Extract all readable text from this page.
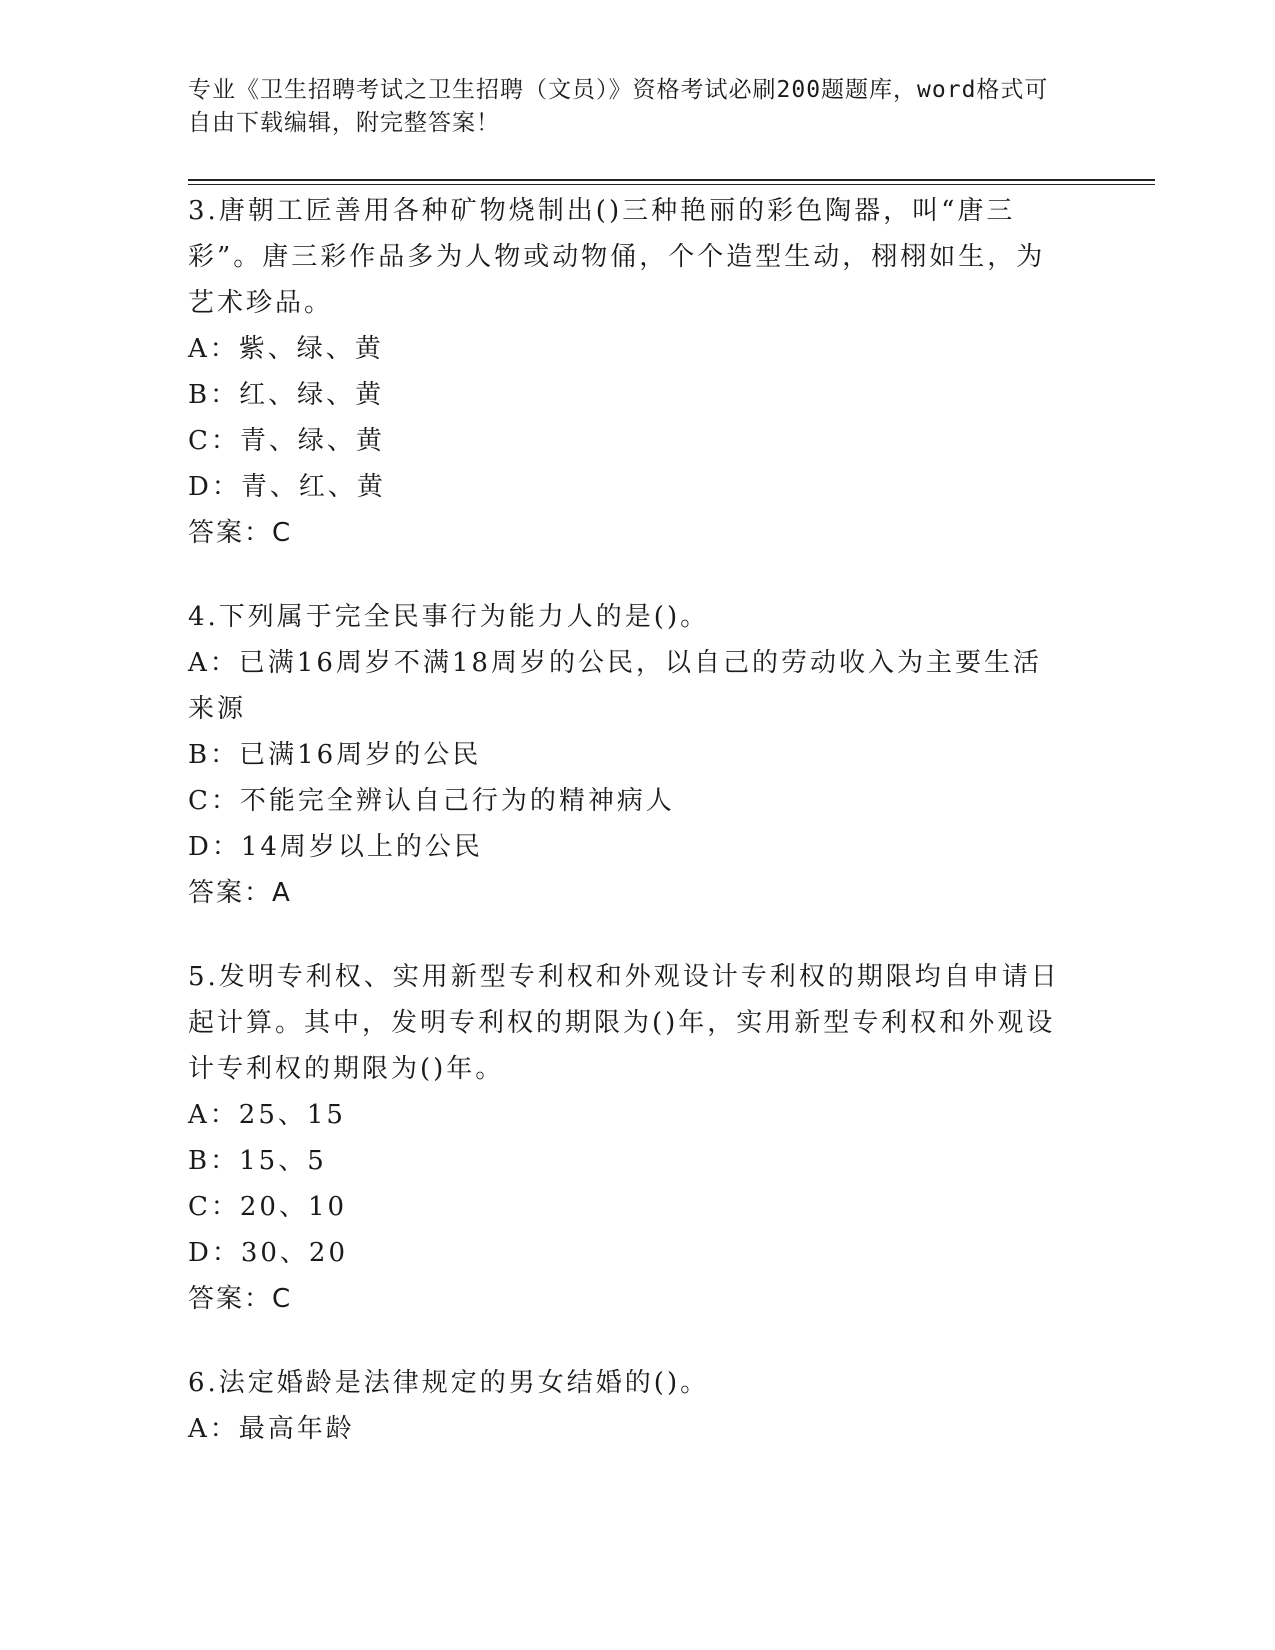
专业《卫生招聘考试之卫生招聘（文员）》资格考试必刷200题题库，word格式可自由下载编辑，附完整答案！

3.唐朝工匠善用各种矿物烧制出()三种艳丽的彩色陶器，叫“唐三彩”。唐三彩作品多为人物或动物俑，个个造型生动，栩栩如生，为艺术珍品。

A：紫、绿、黄

B：红、绿、黄

C：青、绿、黄

D：青、红、黄

答案：C

4.下列属于完全民事行为能力人的是()。

A：已满16周岁不满18周岁的公民，以自己的劳动收入为主要生活来源

B：已满16周岁的公民

C：不能完全辨认自己行为的精神病人

D：14周岁以上的公民

答案：A

5.发明专利权、实用新型专利权和外观设计专利权的期限均自申请日起计算。其中，发明专利权的期限为()年，实用新型专利权和外观设计专利权的期限为()年。

A：25、15

B：15、5

C：20、10

D：30、20

答案：C

6.法定婚龄是法律规定的男女结婚的()。

A：最高年龄
